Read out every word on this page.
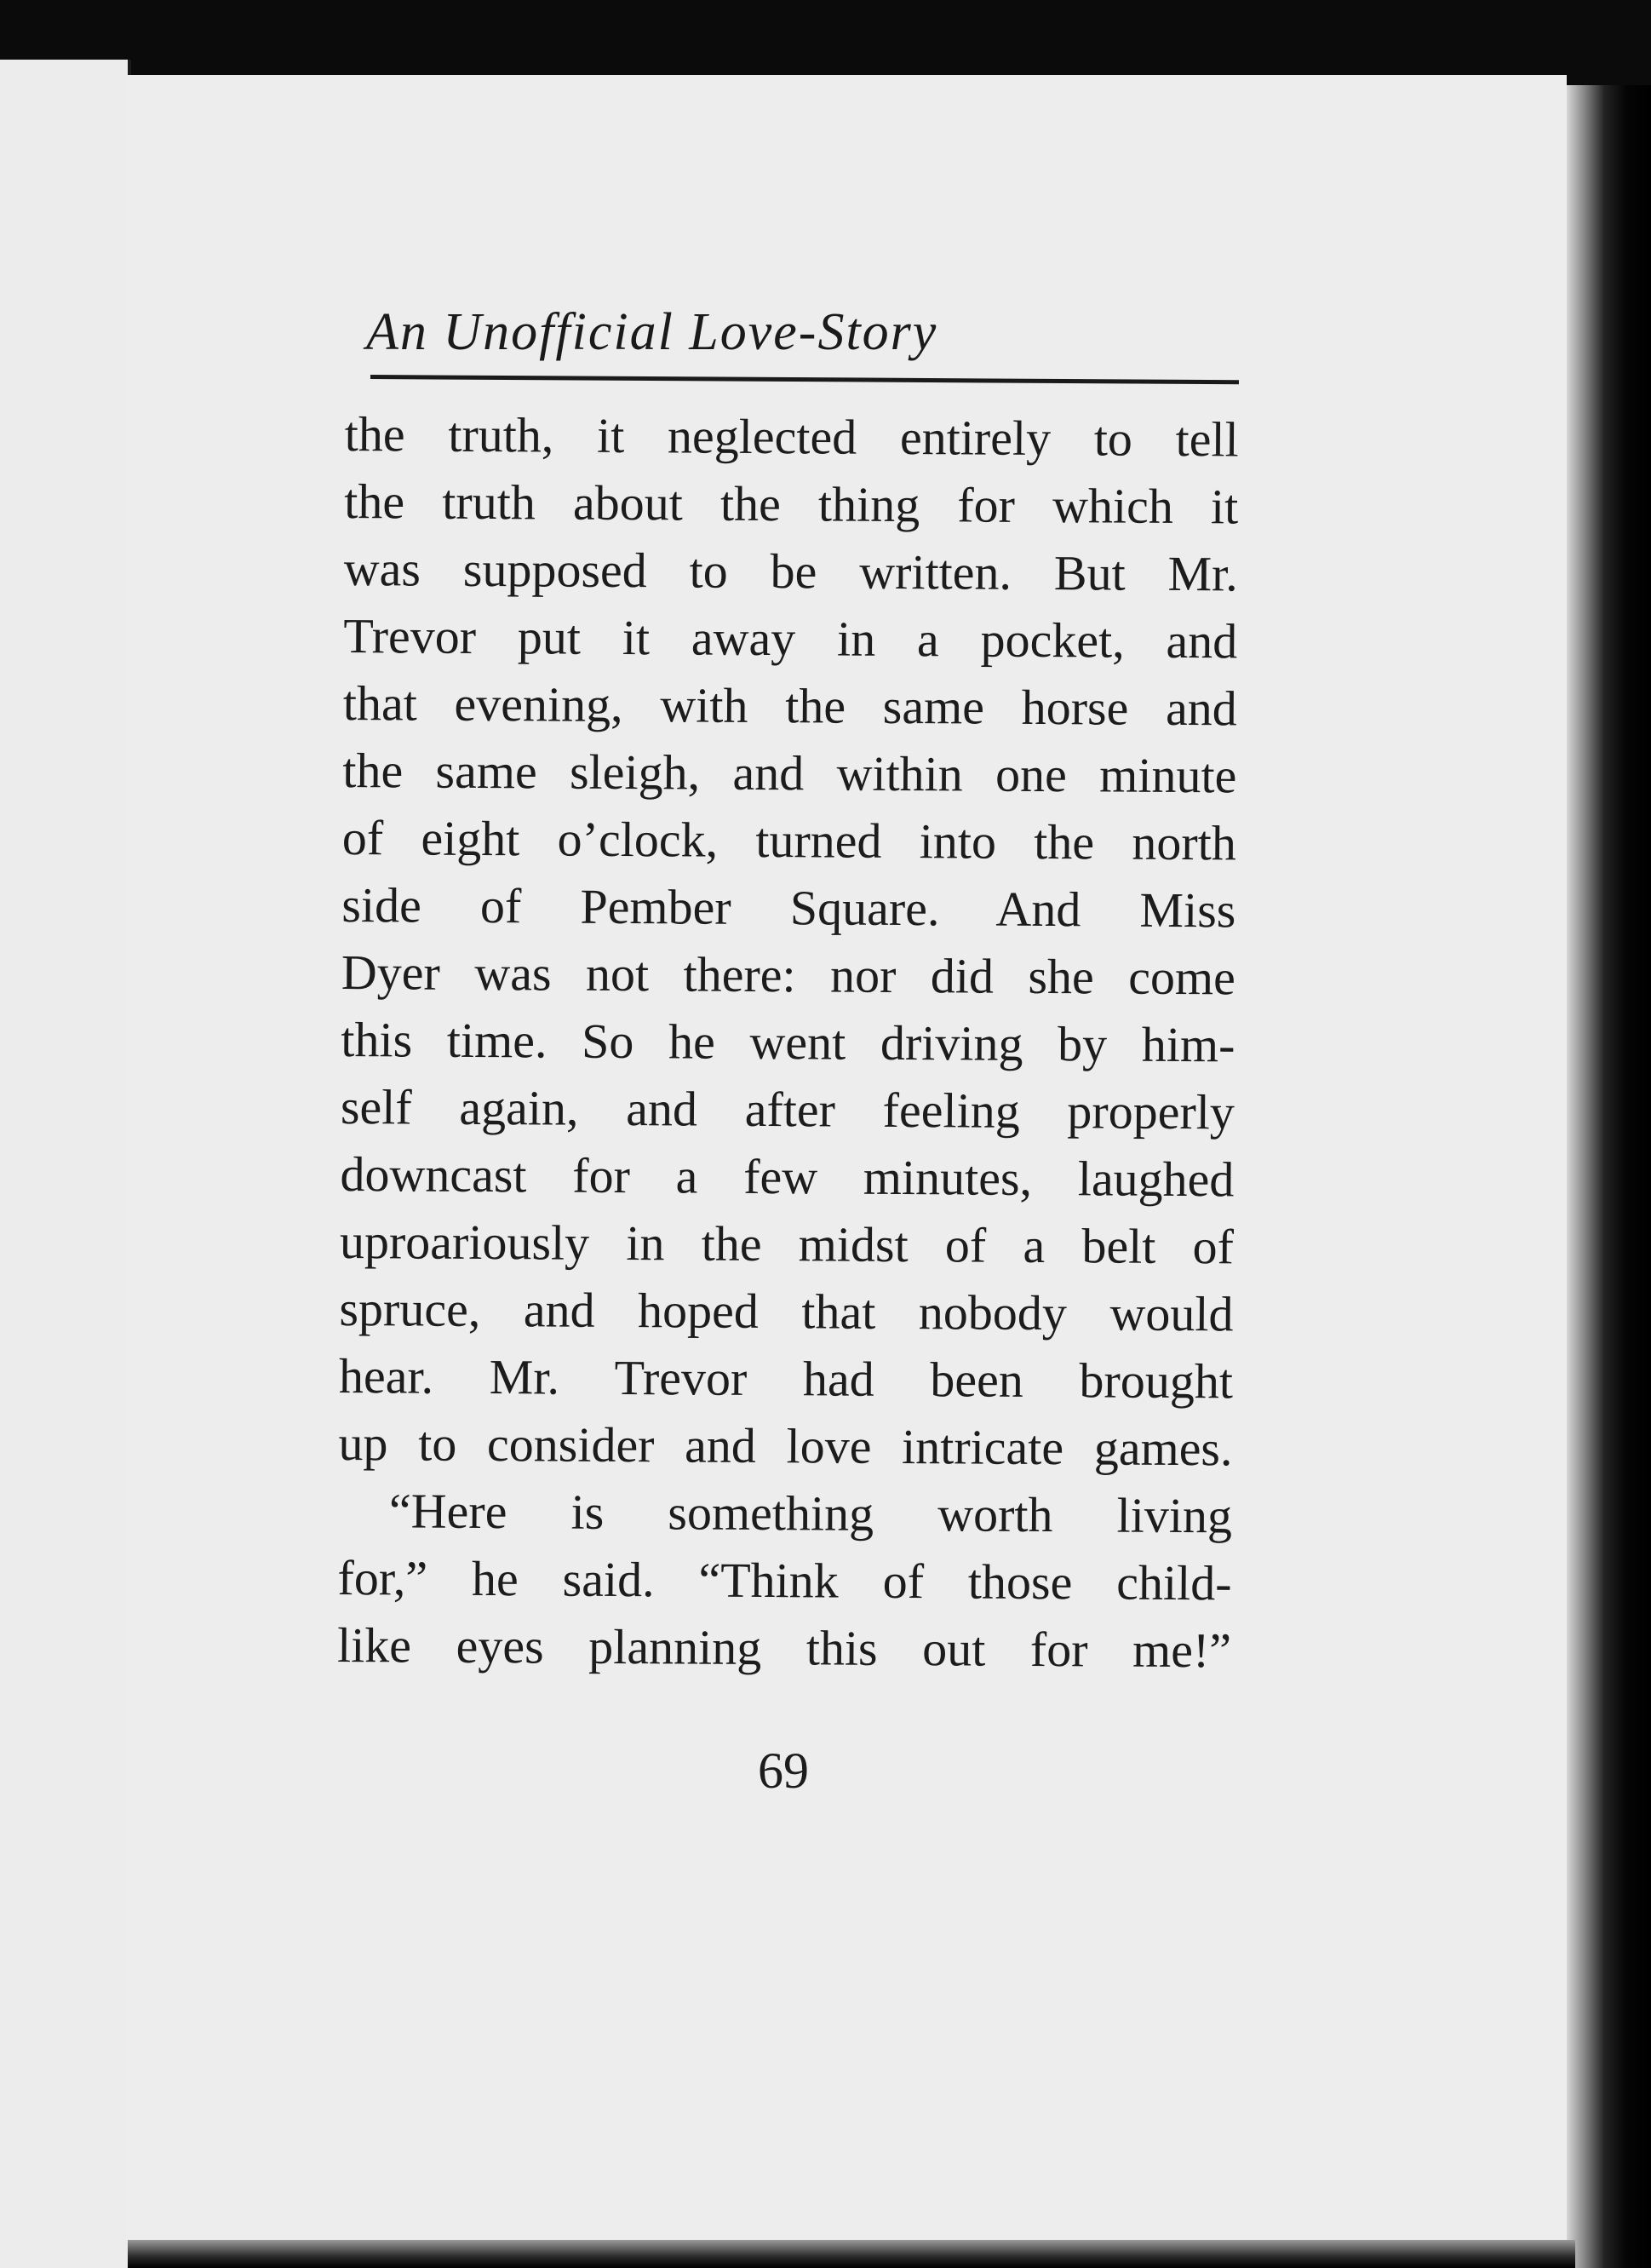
An Unofficial Love-Story
the truth, it neglected entirely to tell
the truth about the thing for which it
was supposed to be written. But Mr.
Trevor put it away in a pocket, and
that evening, with the same horse and
the same sleigh, and within one minute
of eight o’clock, turned into the north
side of Pember Square. And Miss
Dyer was not there: nor did she come
this time. So he went driving by him-
self again, and after feeling properly
downcast for a few minutes, laughed
uproariously in the midst of a belt of
spruce, and hoped that nobody would
hear. Mr. Trevor had been brought
up to consider and love intricate games.
“Here is something worth living
for,” he said. “Think of those child-
like eyes planning this out for me!”
69
